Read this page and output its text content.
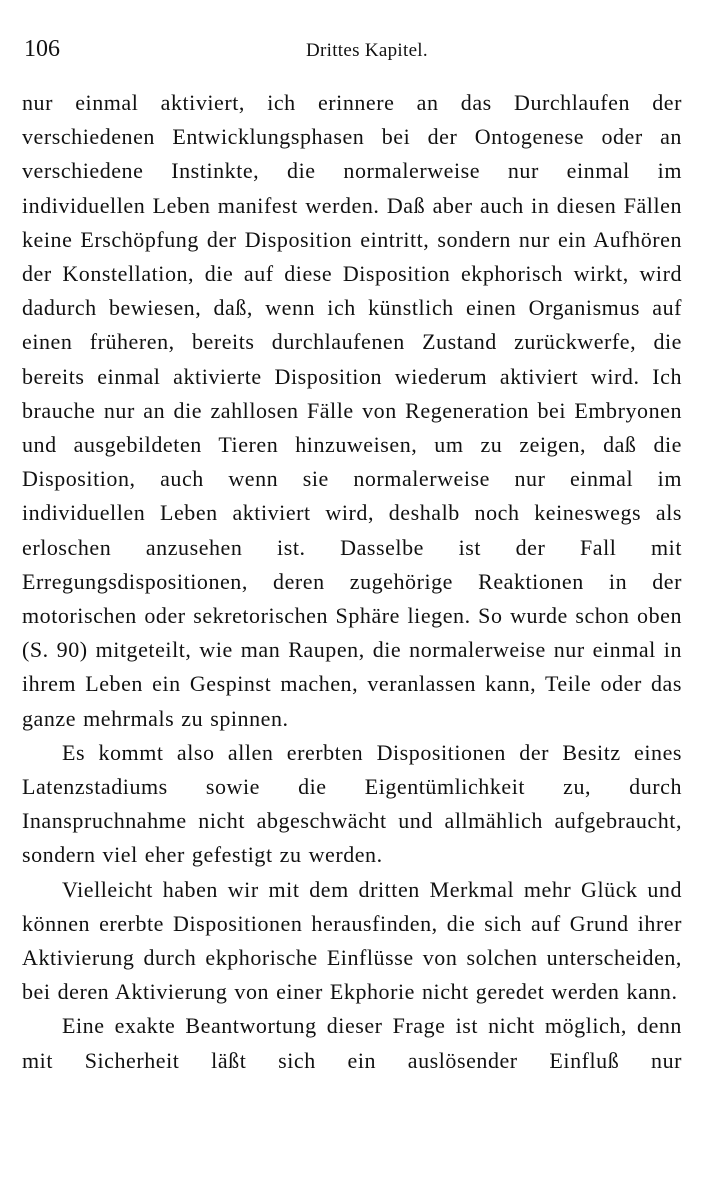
106	Drittes Kapitel.

nur einmal aktiviert, ich erinnere an das Durchlaufen der verschiedenen Entwicklungsphasen bei der Ontogenese oder an verschiedene Instinkte, die normalerweise nur einmal im individuellen Leben manifest werden. Daß aber auch in diesen Fällen keine Erschöpfung der Disposition eintritt, sondern nur ein Aufhören der Konstellation, die auf diese Disposition ekphorisch wirkt, wird dadurch bewiesen, daß, wenn ich künstlich einen Organismus auf einen früheren, bereits durchlaufenen Zustand zurückwerfe, die bereits einmal aktivierte Disposition wiederum aktiviert wird. Ich brauche nur an die zahllosen Fälle von Regeneration bei Embryonen und ausgebildeten Tieren hinzuweisen, um zu zeigen, daß die Disposition, auch wenn sie normalerweise nur einmal im individuellen Leben aktiviert wird, deshalb noch keineswegs als erloschen anzusehen ist. Dasselbe ist der Fall mit Erregungsdispositionen, deren zugehörige Reaktionen in der motorischen oder sekretorischen Sphäre liegen. So wurde schon oben (S. 90) mitgeteilt, wie man Raupen, die normalerweise nur einmal in ihrem Leben ein Gespinst machen, veranlassen kann, Teile oder das ganze mehrmals zu spinnen.

Es kommt also allen ererbten Dispositionen der Besitz eines Latenzstadiums sowie die Eigentümlichkeit zu, durch Inanspruchnahme nicht abgeschwächt und allmählich aufgebraucht, sondern viel eher gefestigt zu werden.

Vielleicht haben wir mit dem dritten Merkmal mehr Glück und können ererbte Dispositionen herausfinden, die sich auf Grund ihrer Aktivierung durch ekphorische Einflüsse von solchen unterscheiden, bei deren Aktivierung von einer Ekphorie nicht geredet werden kann.

Eine exakte Beantwortung dieser Frage ist nicht möglich, denn mit Sicherheit läßt sich ein auslösender Einfluß nur
